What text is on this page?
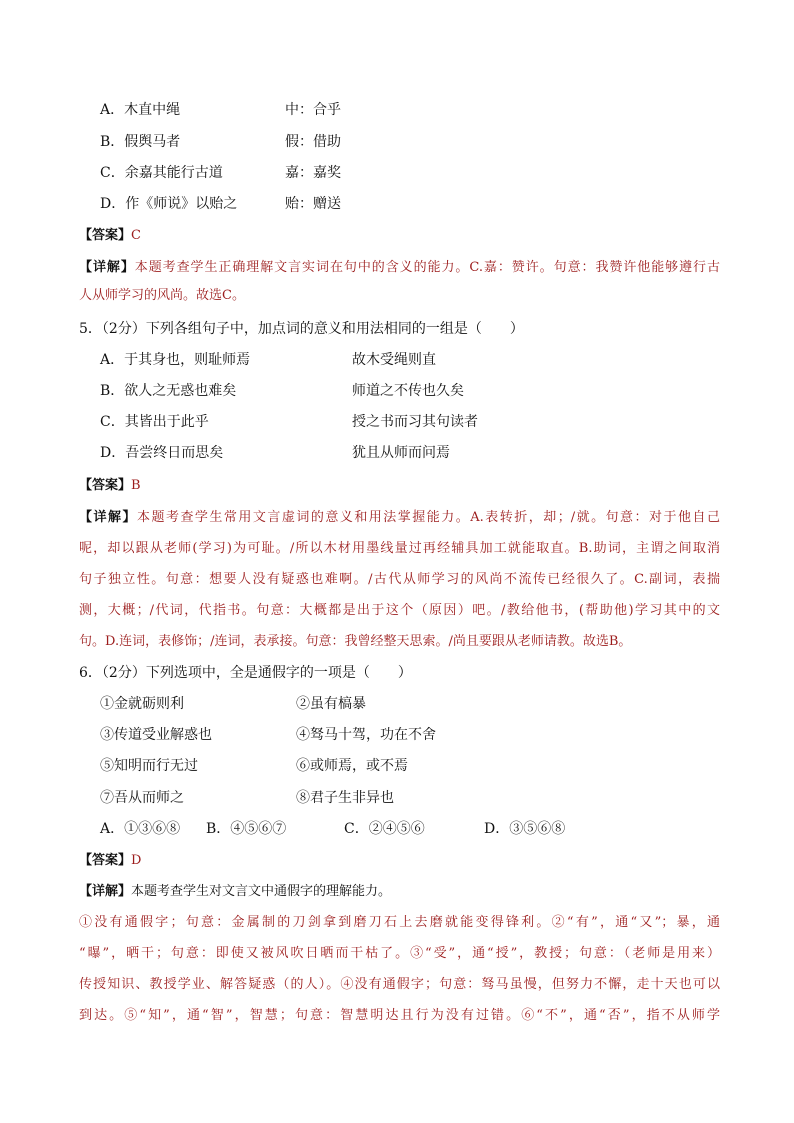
A．木直中绳	中：合乎
B．假舆马者	假：借助
C．余嘉其能行古道	嘉：嘉奖
D．作《师说》以贻之	贻：赠送
【答案】C
【详解】本题考查学生正确理解文言实词在句中的含义的能力。C.嘉：赞许。句意：我赞许他能够遵行古
人从师学习的风尚。故选C。
5．（2分）下列各组句子中，加点词的意义和用法相同的一组是（　　）
A．于其身也，则耻师焉	故木受绳则直
B．欲人之无惑也难矣	师道之不传也久矣
C．其皆出于此乎	授之书而习其句读者
D．吾尝终日而思矣	犹且从师而问焉
【答案】B
【详解】本题考查学生常用文言虚词的意义和用法掌握能力。A.表转折，却；/就。句意：对于他自己
呢，却以跟从老师(学习)为可耻。/所以木材用墨线量过再经辅具加工就能取直。B.助词，主谓之间取消
句子独立性。句意：想要人没有疑惑也难啊。/古代从师学习的风尚不流传已经很久了。C.副词，表揣
测，大概；/代词，代指书。句意：大概都是出于这个（原因）吧。/教给他书，(帮助他)学习其中的文
句。D.连词，表修饰；/连词，表承接。句意：我曾经整天思索。/尚且要跟从老师请教。故选B。
6．（2分）下列选项中，全是通假字的一项是（　　）
①金就砺则利	②虽有槁暴
③传道受业解惑也	④驽马十驾，功在不舍
⑤知明而行无过	⑥或师焉，或不焉
⑦吾从而师之	⑧君子生非异也
A．①③⑥⑧ B．④⑤⑥⑦	C．②④⑤⑥	D．③⑤⑥⑧
【答案】D
【详解】本题考查学生对文言文中通假字的理解能力。
①没有通假字；句意：金属制的刀剑拿到磨刀石上去磨就能变得锋利。②“有”，通“又”；暴，通
“曝”，晒干；句意：即使又被风吹日晒而干枯了。③“受”，通“授”，教授；句意：（老师是用来）
传授知识、教授学业、解答疑惑（的人）。④没有通假字；句意：驽马虽慢，但努力不懈，走十天也可以
到达。⑤“知”，通“智”，智慧；句意：智慧明达且行为没有过错。⑥“不”，通“否”，指不从师学
